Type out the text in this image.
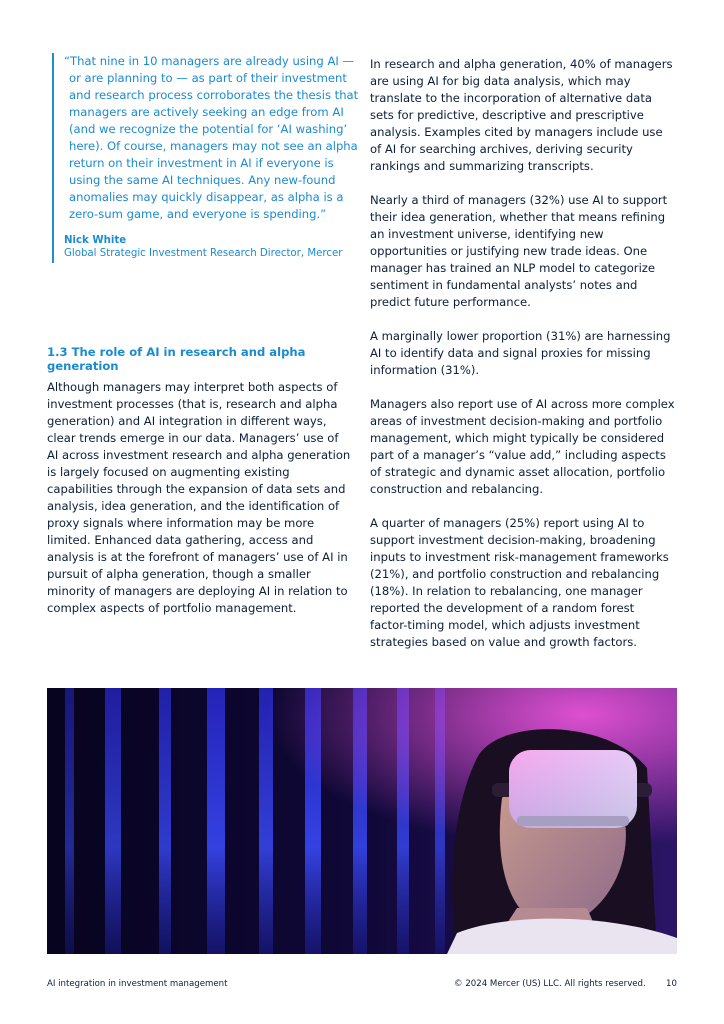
“That nine in 10 managers are already using AI — or are planning to — as part of their investment and research process corroborates the thesis that managers are actively seeking an edge from AI (and we recognize the potential for ‘AI washing’ here). Of course, managers may not see an alpha return on their investment in AI if everyone is using the same AI techniques. Any new-found anomalies may quickly disappear, as alpha is a zero-sum game, and everyone is spending.”

Nick White
Global Strategic Investment Research Director, Mercer
1.3 The role of AI in research and alpha generation

Although managers may interpret both aspects of investment processes (that is, research and alpha generation) and AI integration in different ways, clear trends emerge in our data. Managers’ use of AI across investment research and alpha generation is largely focused on augmenting existing capabilities through the expansion of data sets and analysis, idea generation, and the identification of proxy signals where information may be more limited. Enhanced data gathering, access and analysis is at the forefront of managers’ use of AI in pursuit of alpha generation, though a smaller minority of managers are deploying AI in relation to complex aspects of portfolio management.

In research and alpha generation, 40% of managers are using AI for big data analysis, which may translate to the incorporation of alternative data sets for predictive, descriptive and prescriptive analysis. Examples cited by managers include use of AI for searching archives, deriving security rankings and summarizing transcripts.

Nearly a third of managers (32%) use AI to support their idea generation, whether that means refining an investment universe, identifying new opportunities or justifying new trade ideas. One manager has trained an NLP model to categorize sentiment in fundamental analysts’ notes and predict future performance.

A marginally lower proportion (31%) are harnessing AI to identify data and signal proxies for missing information (31%).

Managers also report use of AI across more complex areas of investment decision-making and portfolio management, which might typically be considered part of a manager’s “value add,” including aspects of strategic and dynamic asset allocation, portfolio construction and rebalancing.

A quarter of managers (25%) report using AI to support investment decision-making, broadening inputs to investment risk-management frameworks (21%), and portfolio construction and rebalancing (18%). In relation to rebalancing, one manager reported the development of a random forest factor-timing model, which adjusts investment strategies based on value and growth factors.

AI integration in investment management	© 2024 Mercer (US) LLC. All rights reserved. 10
